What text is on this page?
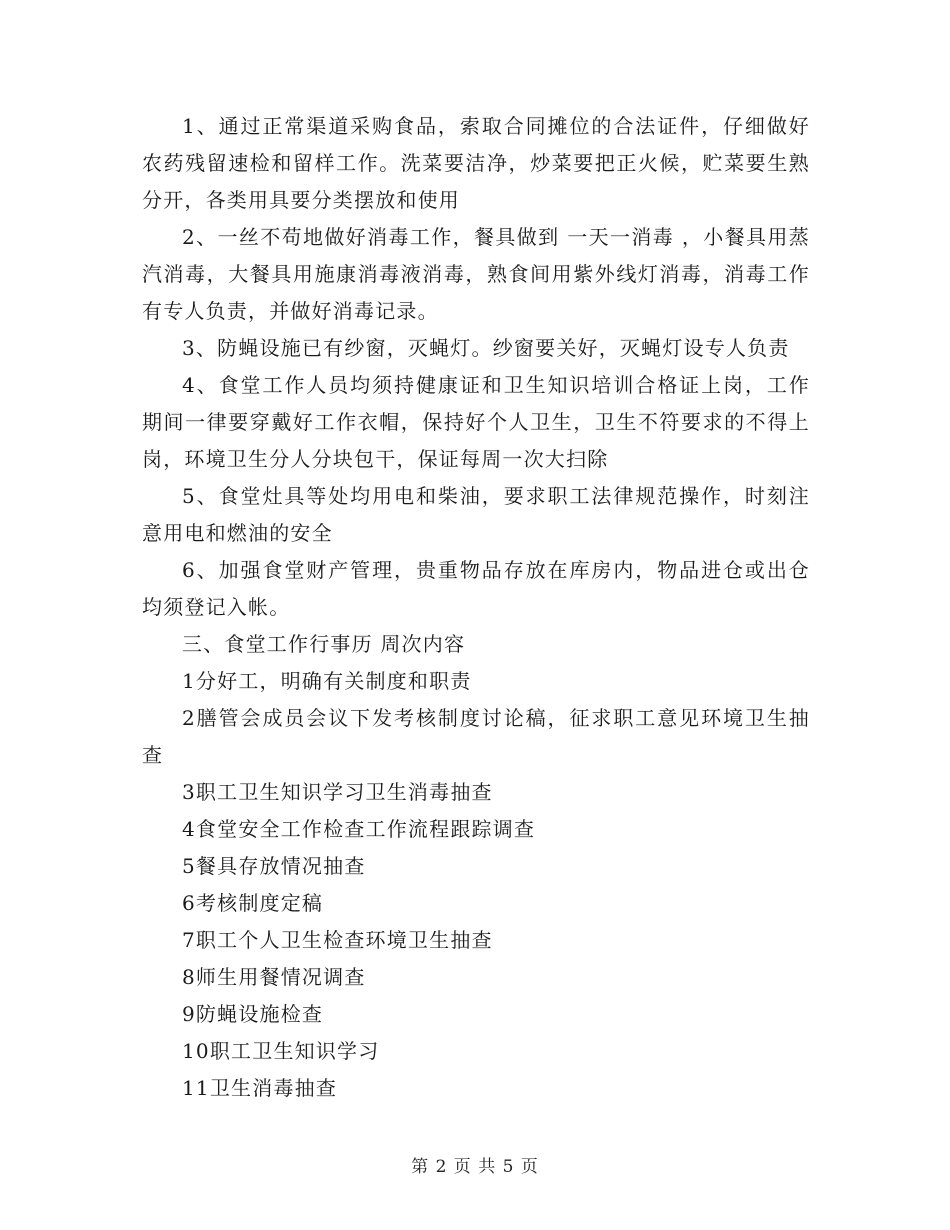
1、通过正常渠道采购食品，索取合同摊位的合法证件，仔细做好农药残留速检和留样工作。洗菜要洁净，炒菜要把正火候，贮菜要生熟分开，各类用具要分类摆放和使用

2、一丝不苟地做好消毒工作，餐具做到 一天一消毒 ，小餐具用蒸汽消毒，大餐具用施康消毒液消毒，熟食间用紫外线灯消毒，消毒工作有专人负责，并做好消毒记录。

3、防蝇设施已有纱窗，灭蝇灯。纱窗要关好，灭蝇灯设专人负责

4、食堂工作人员均须持健康证和卫生知识培训合格证上岗，工作期间一律要穿戴好工作衣帽，保持好个人卫生，卫生不符要求的不得上岗，环境卫生分人分块包干，保证每周一次大扫除

5、食堂灶具等处均用电和柴油，要求职工法律规范操作，时刻注意用电和燃油的安全

6、加强食堂财产管理，贵重物品存放在库房内，物品进仓或出仓均须登记入帐。

三、食堂工作行事历 周次内容

1分好工，明确有关制度和职责

2膳管会成员会议下发考核制度讨论稿，征求职工意见环境卫生抽查

3职工卫生知识学习卫生消毒抽查

4食堂安全工作检查工作流程跟踪调查

5餐具存放情况抽查

6考核制度定稿

7职工个人卫生检查环境卫生抽查

8师生用餐情况调查

9防蝇设施检查

10职工卫生知识学习

11卫生消毒抽查

第 2 页 共 5 页
